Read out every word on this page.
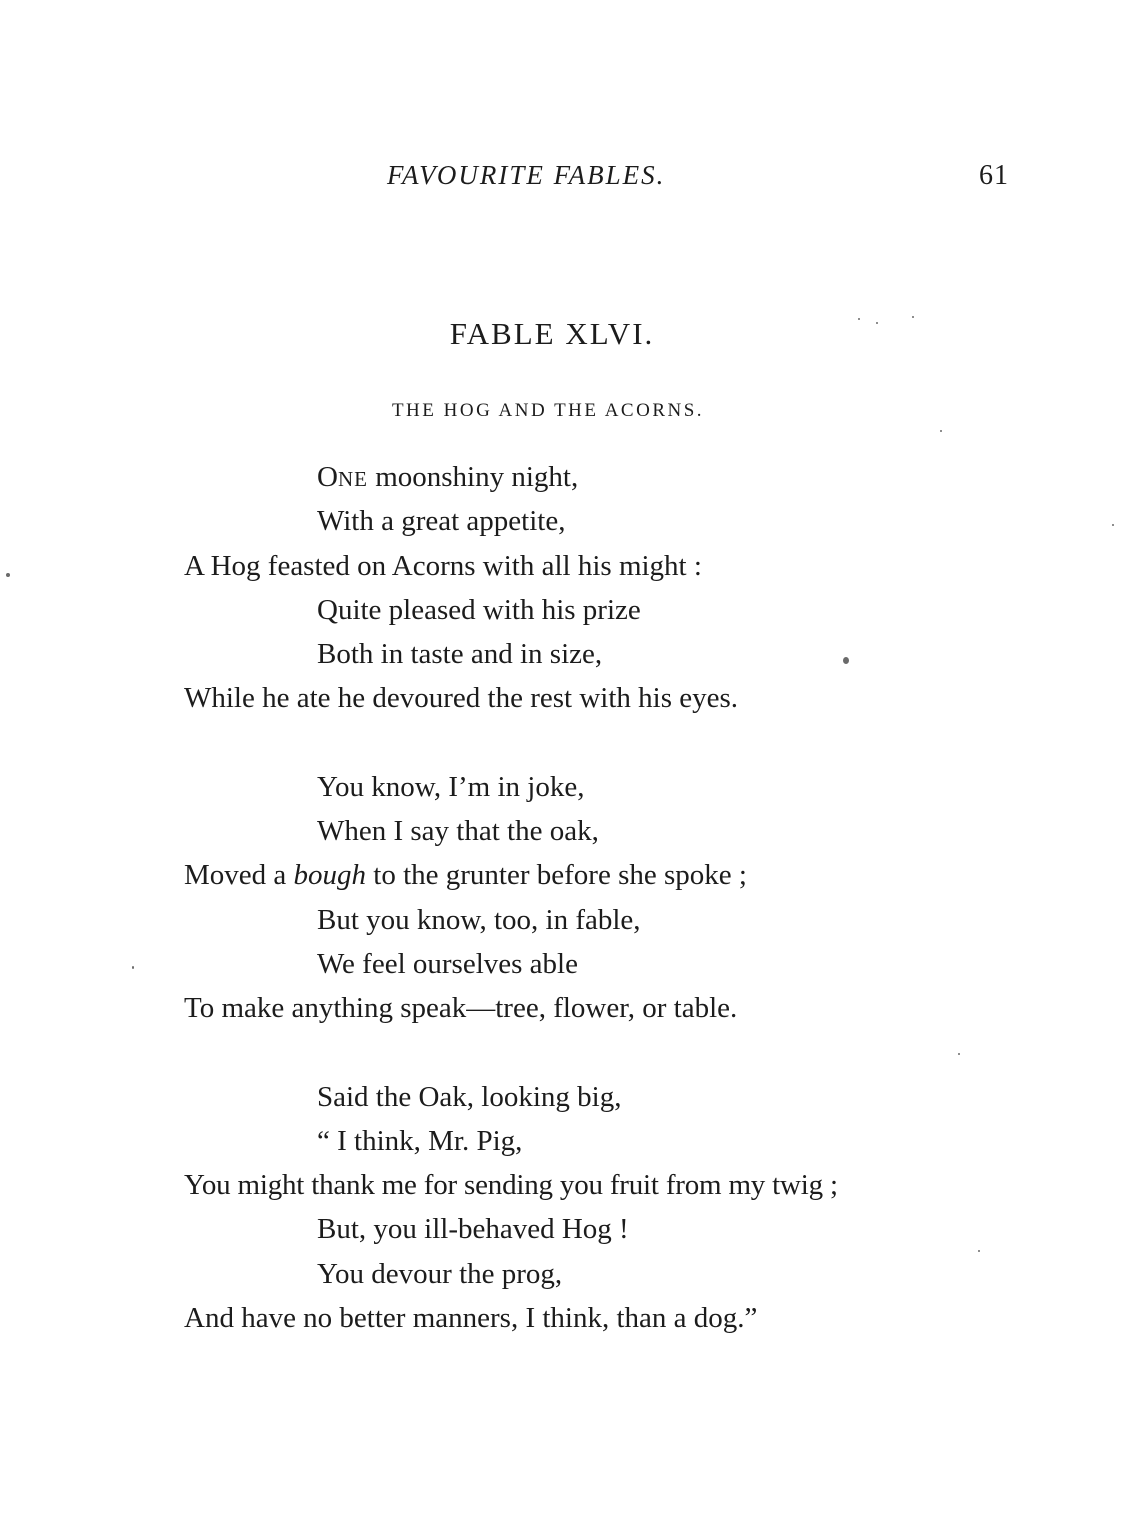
FAVOURITE FABLES.	61
FABLE XLVI.
THE HOG AND THE ACORNS.
ONE moonshiny night,
With a great appetite,
A Hog feasted on Acorns with all his might :
Quite pleased with his prize
Both in taste and in size,
While he ate he devoured the rest with his eyes.
You know, I’m in joke,
When I say that the oak,
Moved a bough to the grunter before she spoke ;
But you know, too, in fable,
We feel ourselves able
To make anything speak—tree, flower, or table.
Said the Oak, looking big,
“ I think, Mr. Pig,
You might thank me for sending you fruit from my twig ;
But, you ill-behaved Hog !
You devour the prog,
And have no better manners, I think, than a dog.”
